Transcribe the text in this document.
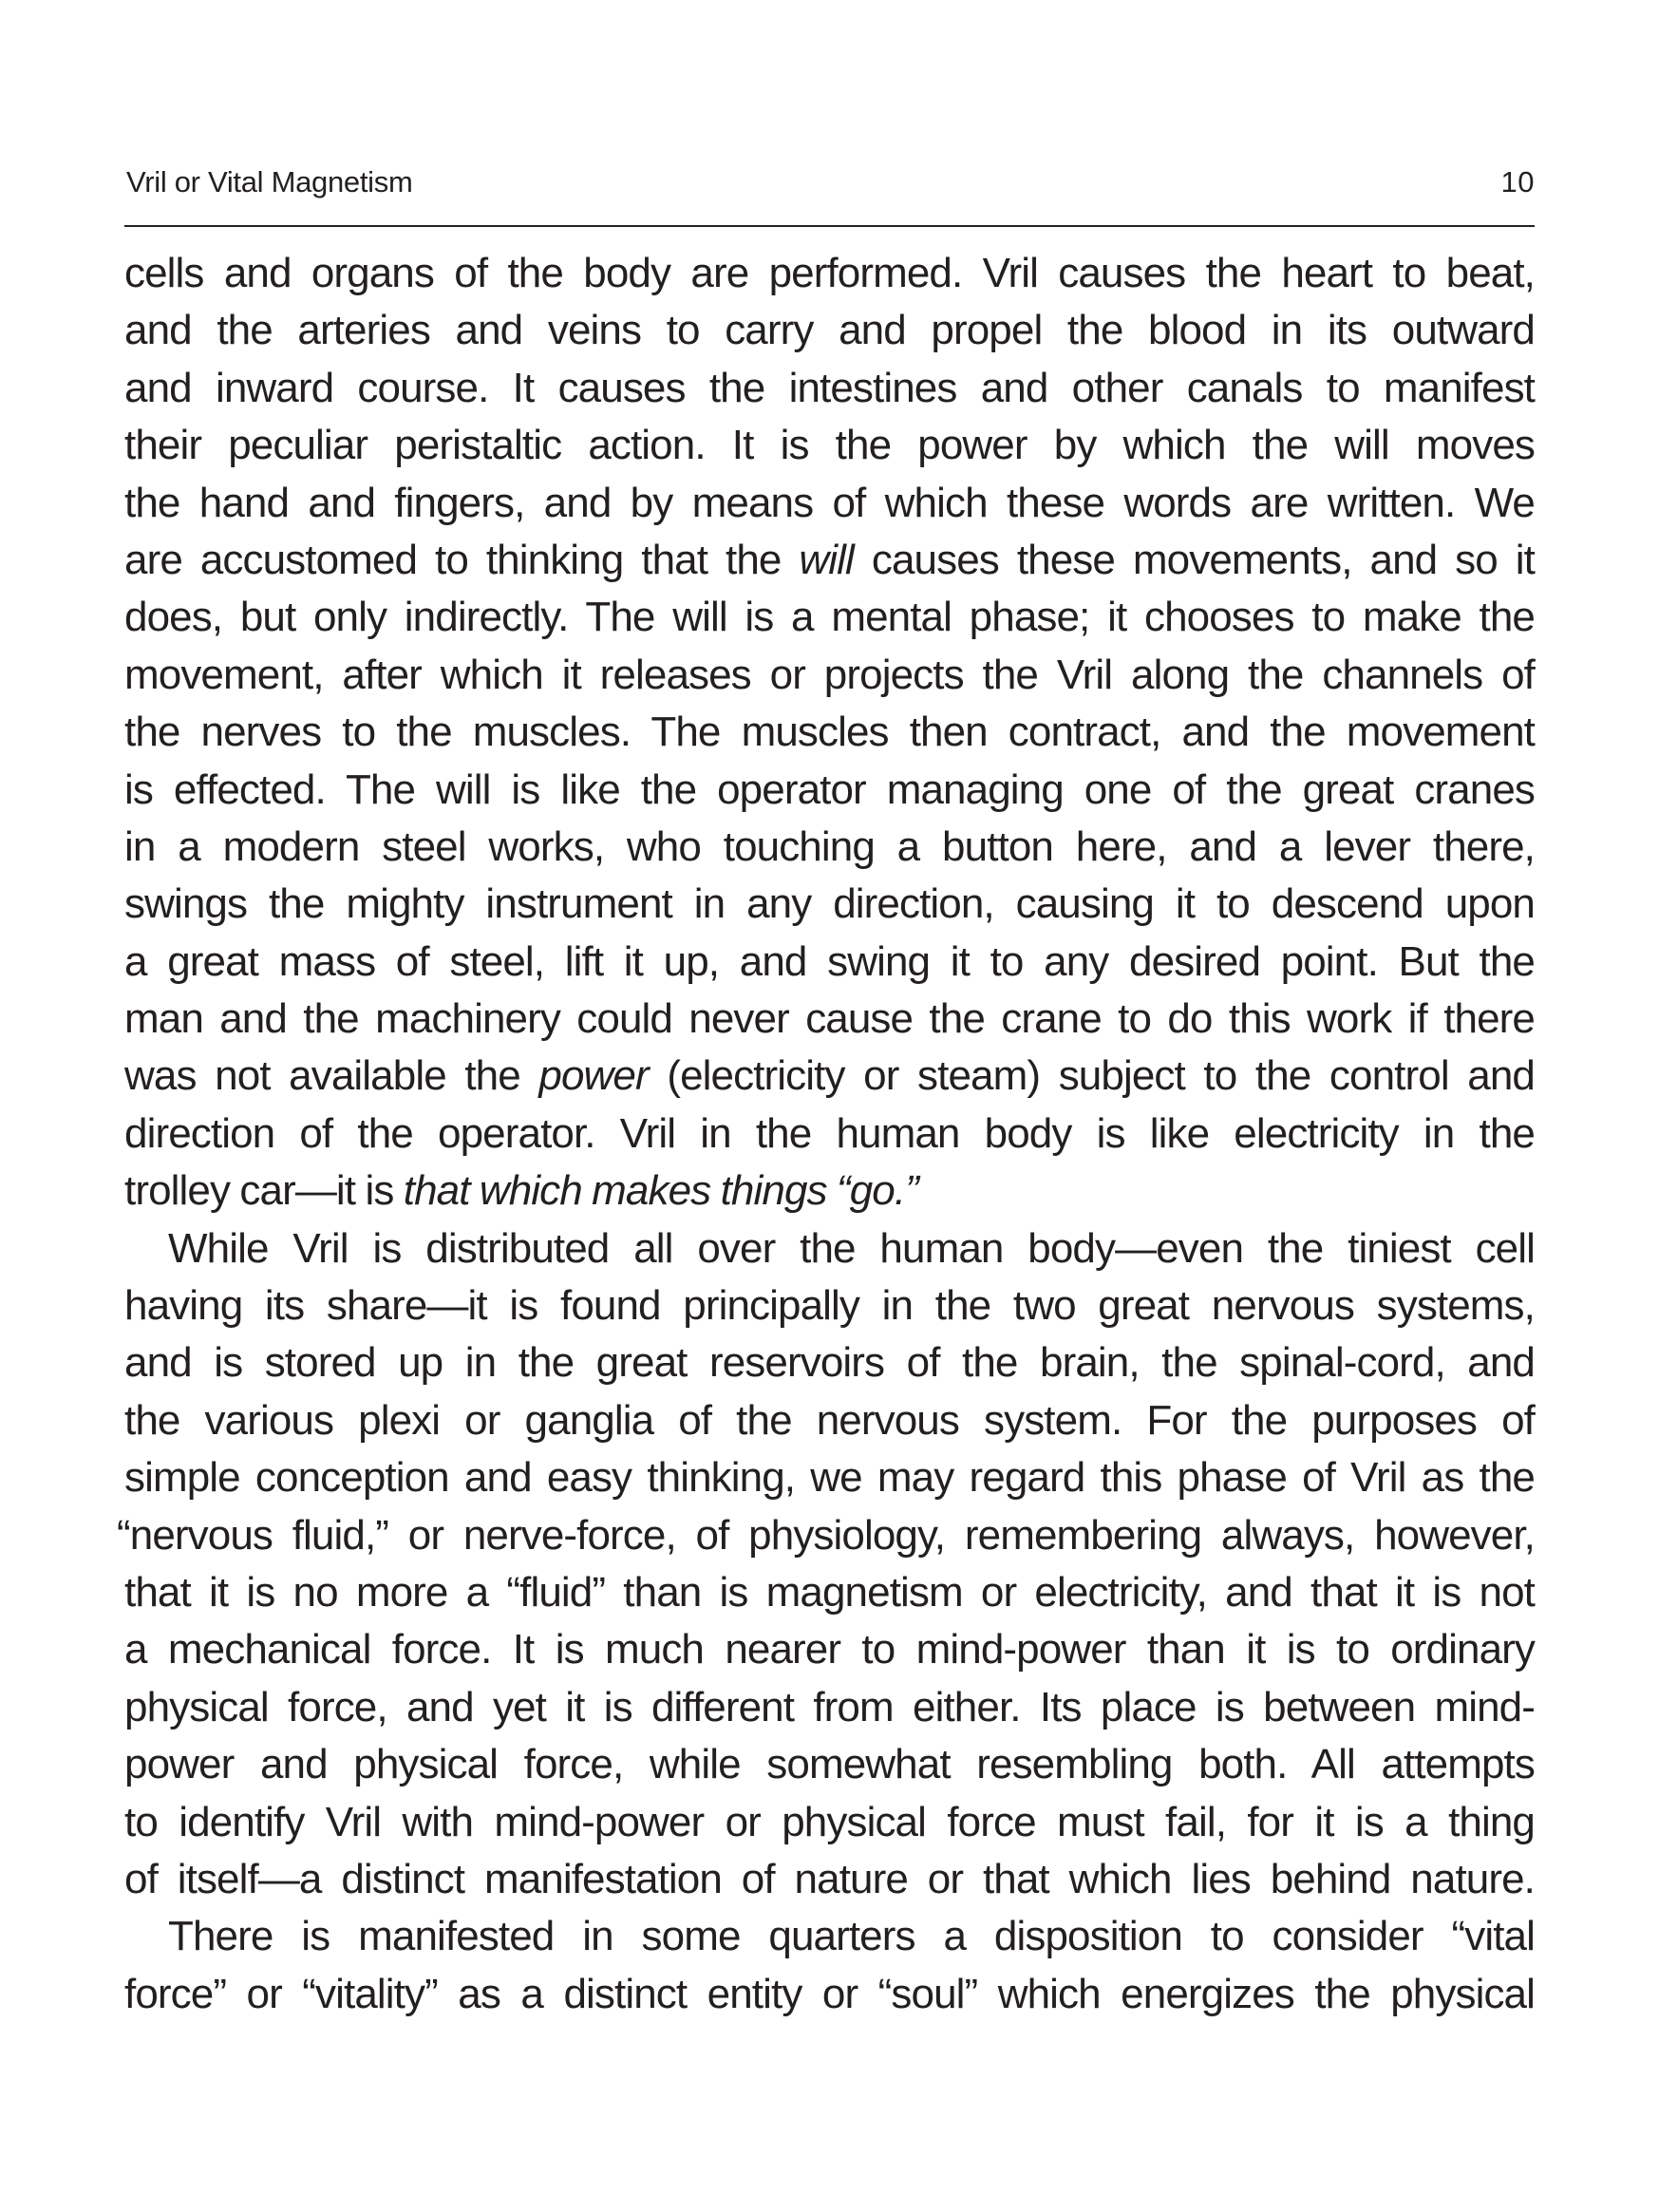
Vril or Vital Magnetism	10
cells and organs of the body are performed. Vril causes the heart to beat,
and the arteries and veins to carry and propel the blood in its outward
and inward course. It causes the intestines and other canals to manifest
their peculiar peristaltic action. It is the power by which the will moves
the hand and fingers, and by means of which these words are written. We
are accustomed to thinking that the will causes these movements, and so it
does, but only indirectly. The will is a mental phase; it chooses to make the
movement, after which it releases or projects the Vril along the channels of
the nerves to the muscles. The muscles then contract, and the movement
is effected. The will is like the operator managing one of the great cranes
in a modern steel works, who touching a button here, and a lever there,
swings the mighty instrument in any direction, causing it to descend upon
a great mass of steel, lift it up, and swing it to any desired point. But the
man and the machinery could never cause the crane to do this work if there
was not available the power (electricity or steam) subject to the control and
direction of the operator. Vril in the human body is like electricity in the
trolley car—it is that which makes things “go.”
While Vril is distributed all over the human body—even the tiniest cell
having its share—it is found principally in the two great nervous systems,
and is stored up in the great reservoirs of the brain, the spinal-cord, and
the various plexi or ganglia of the nervous system. For the purposes of
simple conception and easy thinking, we may regard this phase of Vril as the
“nervous fluid,” or nerve-force, of physiology, remembering always, however,
that it is no more a “fluid” than is magnetism or electricity, and that it is not
a mechanical force. It is much nearer to mind-power than it is to ordinary
physical force, and yet it is different from either. Its place is between mind-
power and physical force, while somewhat resembling both. All attempts
to identify Vril with mind-power or physical force must fail, for it is a thing
of itself—a distinct manifestation of nature or that which lies behind nature.
There is manifested in some quarters a disposition to consider “vital
force” or “vitality” as a distinct entity or “soul” which energizes the physical
